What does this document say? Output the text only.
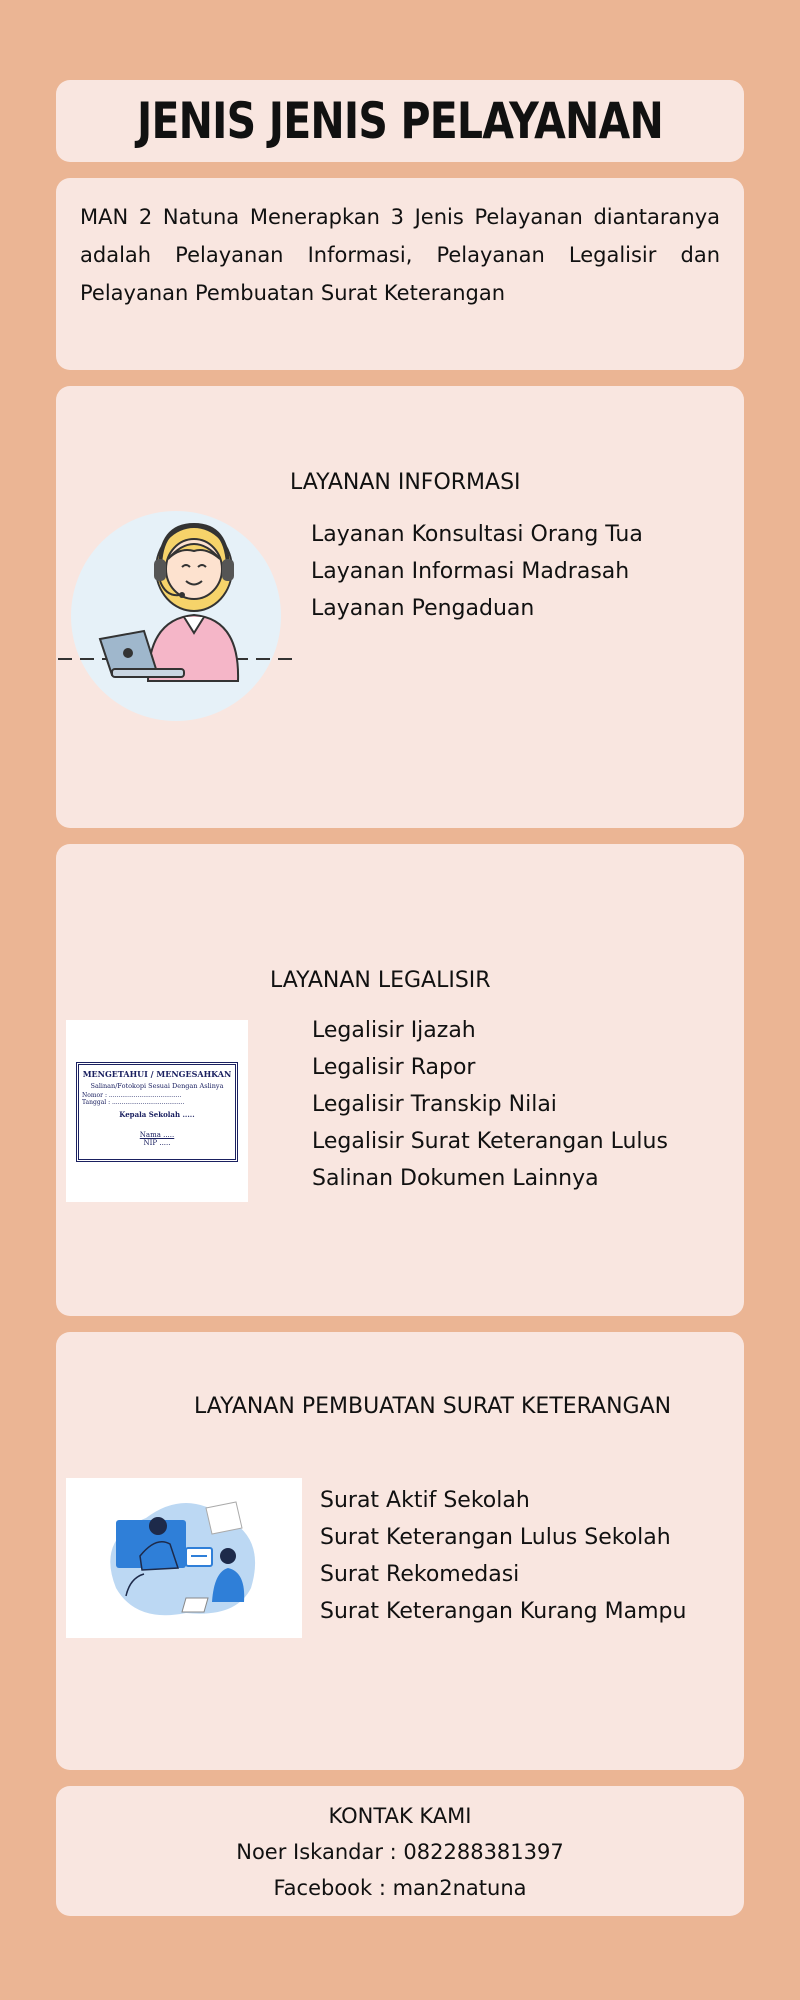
JENIS JENIS PELAYANAN

MAN 2 Natuna Menerapkan 3 Jenis Pelayanan diantaranya adalah Pelayanan Informasi, Pelayanan Legalisir dan Pelayanan Pembuatan Surat Keterangan

LAYANAN INFORMASI
Layanan Konsultasi Orang Tua
Layanan Informasi Madrasah
Layanan Pengaduan
LAYANAN LEGALISIR
Legalisir Ijazah
Legalisir Rapor
Legalisir Transkip Nilai
Legalisir Surat Keterangan Lulus
Salinan Dokumen Lainnya
MENGETAHUI / MENGESAHKAN
Salinan/Fotokopi Sesuai Dengan Aslinya
Nomor : ......................................
Tanggal : ......................................
Kepala Sekolah .....
Nama .....
NIP .....
LAYANAN PEMBUATAN SURAT KETERANGAN
Surat Aktif Sekolah
Surat Keterangan Lulus Sekolah
Surat Rekomedasi
Surat Keterangan Kurang Mampu

KONTAK KAMI

Noer Iskandar : 082288381397

Facebook : man2natuna
